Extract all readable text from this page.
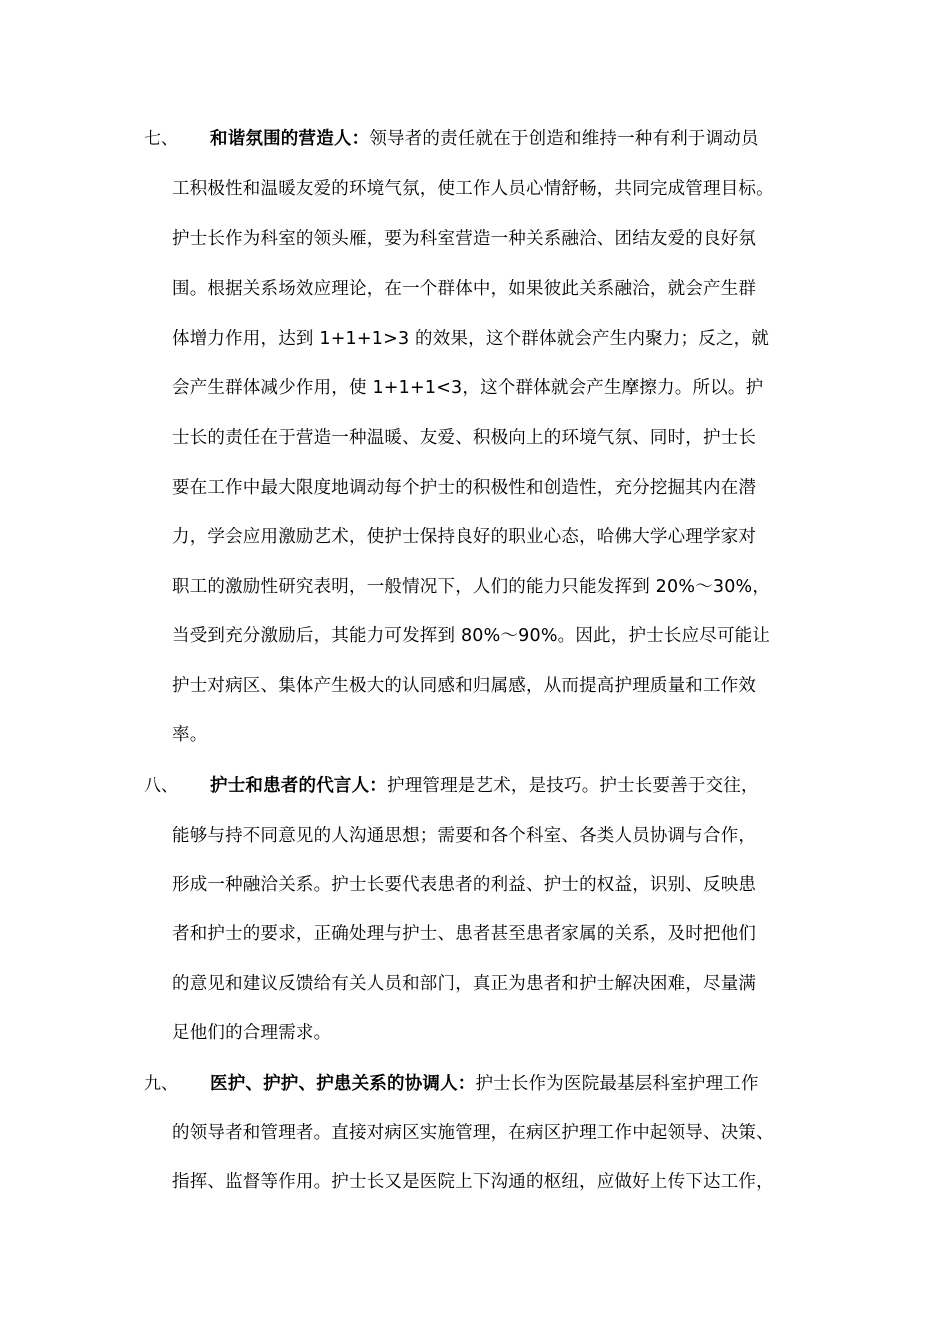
七、 和谐氛围的营造人：领导者的责任就在于创造和维持一种有利于调动员
工积极性和温暖友爱的环境气氛，使工作人员心情舒畅，共同完成管理目标。
护士长作为科室的领头雁，要为科室营造一种关系融洽、团结友爱的良好氛
围。根据关系场效应理论，在一个群体中，如果彼此关系融洽，就会产生群
体增力作用，达到 1+1+1>3 的效果，这个群体就会产生内聚力；反之，就
会产生群体减少作用，使 1+1+1<3，这个群体就会产生摩擦力。所以。护
士长的责任在于营造一种温暖、友爱、积极向上的环境气氛、同时，护士长
要在工作中最大限度地调动每个护士的积极性和创造性，充分挖掘其内在潜
力，学会应用激励艺术，使护士保持良好的职业心态，哈佛大学心理学家对
职工的激励性研究表明，一般情况下，人们的能力只能发挥到 20%～30%，
当受到充分激励后，其能力可发挥到 80%～90%。因此，护士长应尽可能让
护士对病区、集体产生极大的认同感和归属感，从而提高护理质量和工作效
率。
八、 护士和患者的代言人：护理管理是艺术，是技巧。护士长要善于交往，
能够与持不同意见的人沟通思想；需要和各个科室、各类人员协调与合作，
形成一种融洽关系。护士长要代表患者的利益、护士的权益，识别、反映患
者和护士的要求，正确处理与护士、患者甚至患者家属的关系，及时把他们
的意见和建议反馈给有关人员和部门，真正为患者和护士解决困难，尽量满
足他们的合理需求。
九、 医护、护护、护患关系的协调人：护士长作为医院最基层科室护理工作
的领导者和管理者。直接对病区实施管理，在病区护理工作中起领导、决策、
指挥、监督等作用。护士长又是医院上下沟通的枢纽，应做好上传下达工作，
